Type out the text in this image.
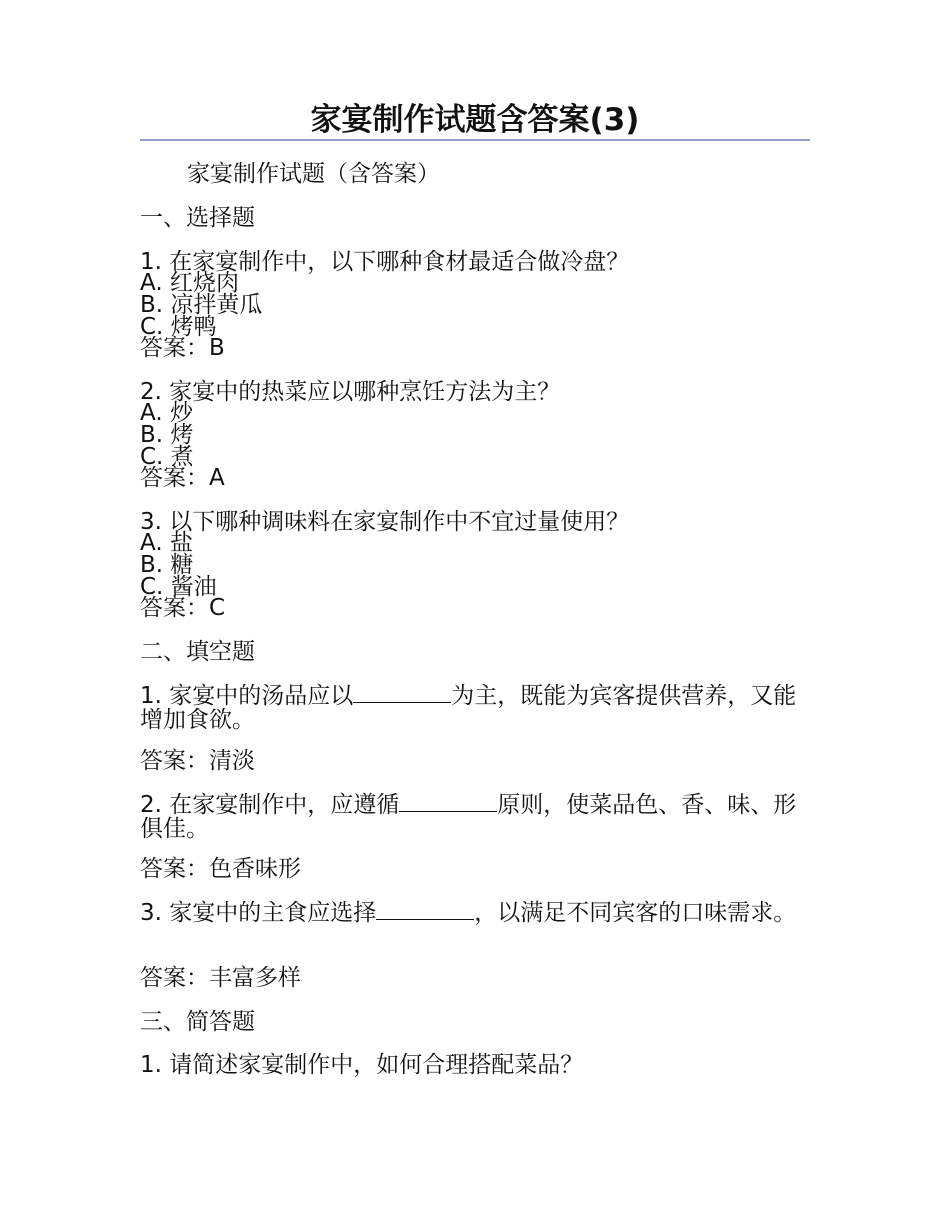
家宴制作试题含答案(3)
家宴制作试题（含答案）
一、选择题
1. 在家宴制作中，以下哪种食材最适合做冷盘？
A. 红烧肉
B. 凉拌黄瓜
C. 烤鸭
答案：B
2. 家宴中的热菜应以哪种烹饪方法为主？
A. 炒
B. 烤
C. 煮
答案：A
3. 以下哪种调味料在家宴制作中不宜过量使用？
A. 盐
B. 糖
C. 酱油
答案：C
二、填空题
1. 家宴中的汤品应以	为主，既能为宾客提供营养，又能增加食欲。
答案：清淡
2. 在家宴制作中，应遵循	原则，使菜品色、香、味、形俱佳。
答案：色香味形
3. 家宴中的主食应选择	，以满足不同宾客的口味需求。
答案：丰富多样
三、简答题
1. 请简述家宴制作中，如何合理搭配菜品？
